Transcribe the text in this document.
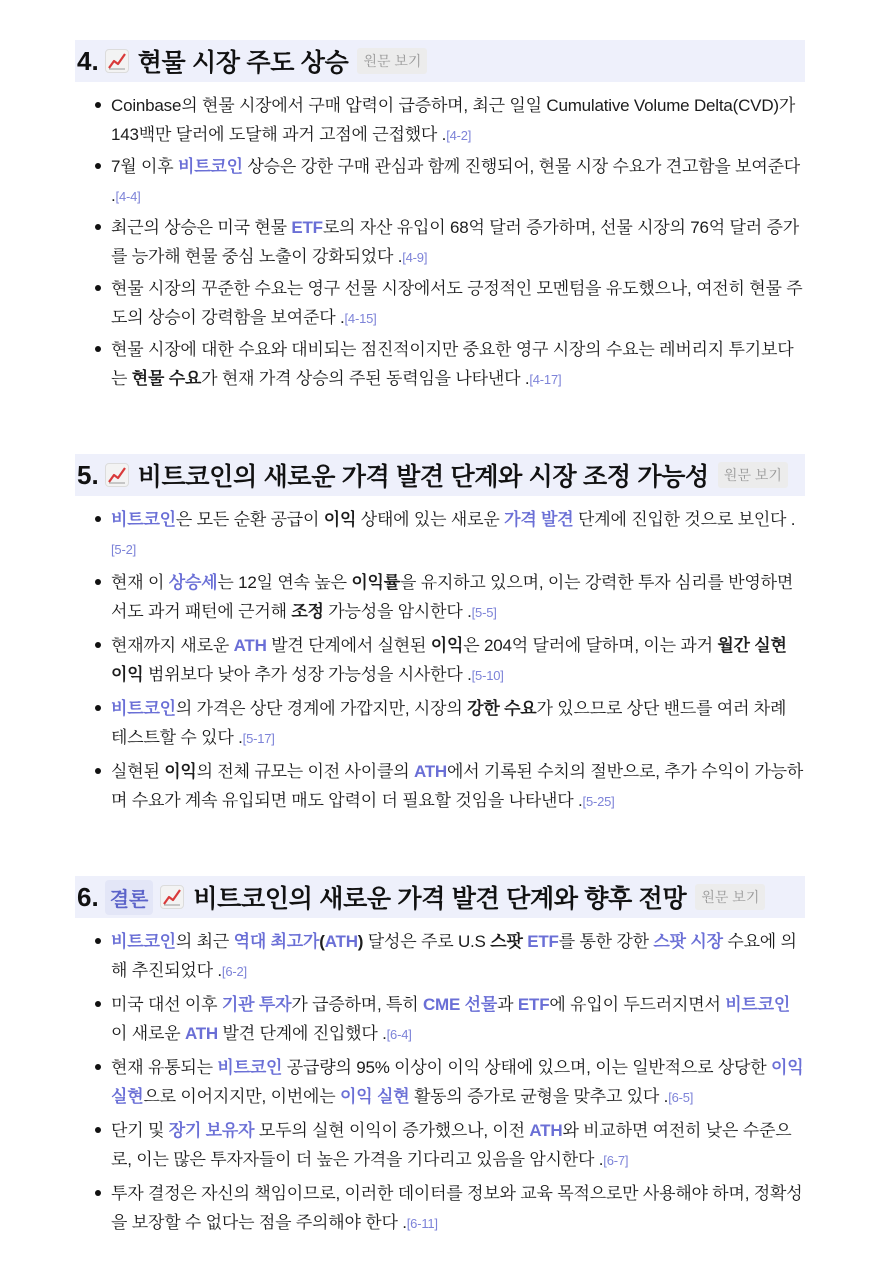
4. 현물 시장 주도 상승	원문 보기
Coinbase의 현물 시장에서 구매 압력이 급증하며, 최근 일일 Cumulative Volume Delta(CVD)가 143백만 달러에 도달해 과거 고점에 근접했다 .[4-2]
7월 이후 비트코인 상승은 강한 구매 관심과 함께 진행되어, 현물 시장 수요가 견고함을 보여준다 .[4-4]
최근의 상승은 미국 현물 ETF로의 자산 유입이 68억 달러 증가하며, 선물 시장의 76억 달러 증가를 능가해 현물 중심 노출이 강화되었다 .[4-9]
현물 시장의 꾸준한 수요는 영구 선물 시장에서도 긍정적인 모멘텀을 유도했으나, 여전히 현물 주도의 상승이 강력함을 보여준다 .[4-15]
현물 시장에 대한 수요와 대비되는 점진적이지만 중요한 영구 시장의 수요는 레버리지 투기보다는 현물 수요가 현재 가격 상승의 주된 동력임을 나타낸다 .[4-17]
5. 비트코인의 새로운 가격 발견 단계와 시장 조정 가능성	원문 보기
비트코인은 모든 순환 공급이 이익 상태에 있는 새로운 가격 발견 단계에 진입한 것으로 보인다 .[5-2]
현재 이 상승세는 12일 연속 높은 이익률을 유지하고 있으며, 이는 강력한 투자 심리를 반영하면서도 과거 패턴에 근거해 조정 가능성을 암시한다 .[5-5]
현재까지 새로운 ATH 발견 단계에서 실현된 이익은 204억 달러에 달하며, 이는 과거 월간 실현 이익 범위보다 낮아 추가 성장 가능성을 시사한다 .[5-10]
비트코인의 가격은 상단 경계에 가깝지만, 시장의 강한 수요가 있으므로 상단 밴드를 여러 차례 테스트할 수 있다 .[5-17]
실현된 이익의 전체 규모는 이전 사이클의 ATH에서 기록된 수치의 절반으로, 추가 수익이 가능하며 수요가 계속 유입되면 매도 압력이 더 필요할 것임을 나타낸다 .[5-25]
6. 결론 비트코인의 새로운 가격 발견 단계와 향후 전망	원문 보기
비트코인의 최근 역대 최고가(ATH) 달성은 주로 U.S 스팟 ETF를 통한 강한 스팟 시장 수요에 의해 추진되었다 .[6-2]
미국 대선 이후 기관 투자가 급증하며, 특히 CME 선물과 ETF에 유입이 두드러지면서 비트코인이 새로운 ATH 발견 단계에 진입했다 .[6-4]
현재 유통되는 비트코인 공급량의 95% 이상이 이익 상태에 있으며, 이는 일반적으로 상당한 이익 실현으로 이어지지만, 이번에는 이익 실현 활동의 증가로 균형을 맞추고 있다 .[6-5]
단기 및 장기 보유자 모두의 실현 이익이 증가했으나, 이전 ATH와 비교하면 여전히 낮은 수준으로, 이는 많은 투자자들이 더 높은 가격을 기다리고 있음을 암시한다 .[6-7]
투자 결정은 자신의 책임이므로, 이러한 데이터를 정보와 교육 목적으로만 사용해야 하며, 정확성을 보장할 수 없다는 점을 주의해야 한다 .[6-11]
